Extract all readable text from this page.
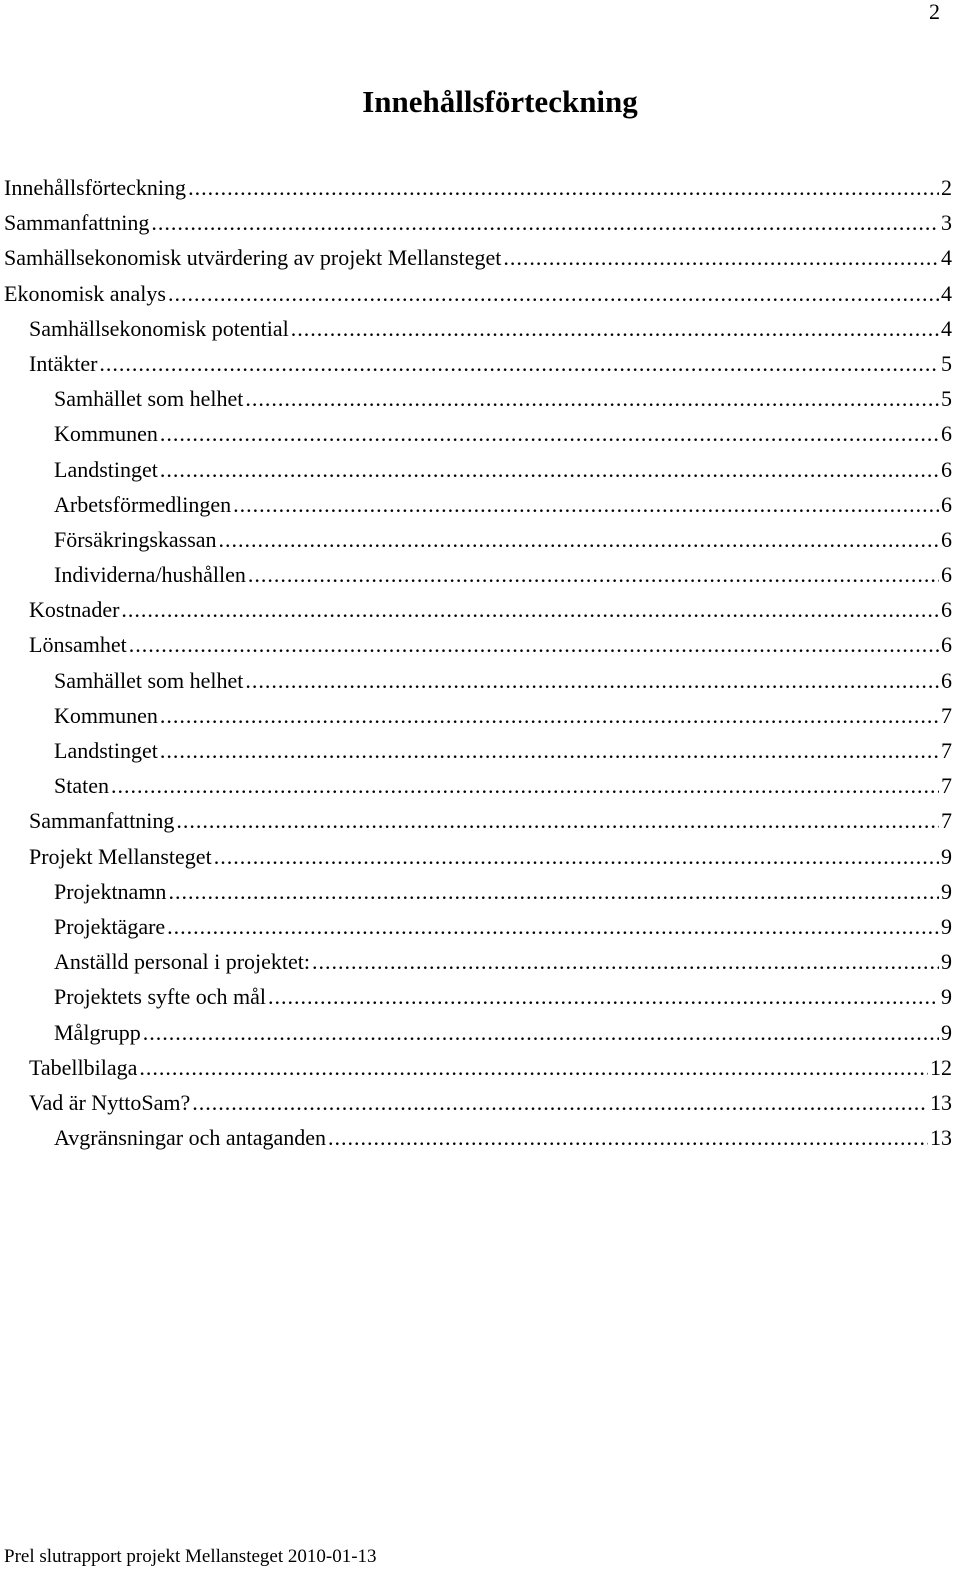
2
Innehållsförteckning
Innehållsförteckning .....	2
Sammanfattning .....	3
Samhällsekonomisk utvärdering av projekt Mellansteget .....	4
Ekonomisk analys .....	4
Samhällsekonomisk potential .....	4
Intäkter .....	5
Samhället som helhet .....	5
Kommunen .....	6
Landstinget .....	6
Arbetsförmedlingen .....	6
Försäkringskassan .....	6
Individerna/hushållen .....	6
Kostnader .....	6
Lönsamhet .....	6
Samhället som helhet .....	6
Kommunen .....	7
Landstinget .....	7
Staten .....	7
Sammanfattning .....	7
Projekt Mellansteget .....	9
Projektnamn .....	9
Projektägare .....	9
Anställd personal i projektet: .....	9
Projektets syfte och mål .....	9
Målgrupp .....	9
Tabellbilaga .....	12
Vad är NyttoSam? .....	13
Avgränsningar och antaganden .....	13
Prel slutrapport projekt Mellansteget 2010-01-13
